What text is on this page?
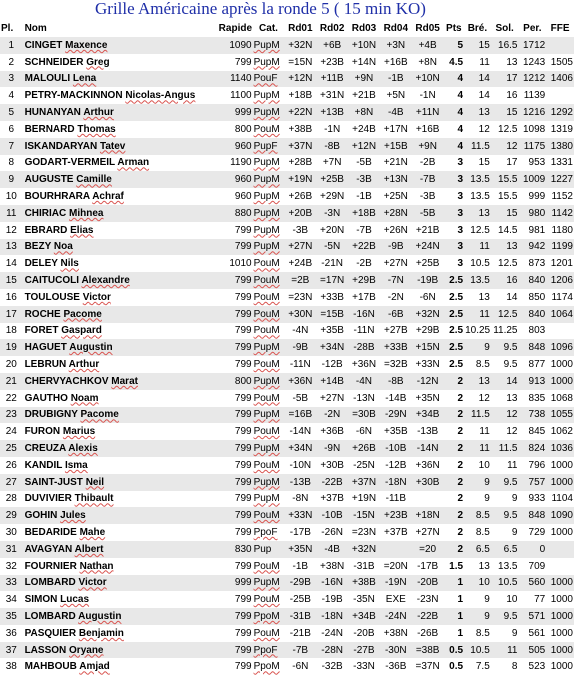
Grille Américaine après la ronde 5 ( 15 min KO)
Pl.	Nom	Rapide	Cat.	Rd01	Rd02	Rd03	Rd04	Rd05	Pts	Bré.	Sol.	Per.	FFE
1	CINGET Maxence	1090	PupM	+32N	+6B	+10N	+3N	+4B	5	15	16.5	1712	
2	SCHNEIDER Greg	799	PupM	=15N	+23B	+14N	+16B	+8N	4.5	11	13	1243	1505
3	MALOULI Lena	1140	PouF	+12N	+11B	+9N	-1B	+10N	4	14	17	1212	1406
4	PETRY-MACKINNON Nicolas-Angus	1100	PupM	+18B	+31N	+21B	+5N	-1N	4	14	16	1139	
5	HUNANYAN Arthur	999	PupM	+22N	+13B	+8N	-4B	+11N	4	13	15	1216	1292
6	BERNARD Thomas	800	PouM	+38B	-1N	+24B	+17N	+16B	4	12	12.5	1098	1319
7	ISKANDARYAN Tatev	960	PupF	+37N	-8B	+12N	+15B	+9N	4	11.5	12	1175	1380
8	GODART-VERMEIL Arman	1190	PupM	+28B	+7N	-5B	+21N	-2B	3	15	17	953	1331
9	AUGUSTE Camille	960	PupM	+19N	+25B	-3B	+13N	-7B	3	13.5	15.5	1009	1227
10	BOURHRARA Achraf	960	PupM	+26B	+29N	-1B	+25N	-3B	3	13.5	15.5	999	1152
11	CHIRIAC Mihnea	880	PupM	+20B	-3N	+18B	+28N	-5B	3	13	15	980	1142
12	EBRARD Elias	799	PupM	-3B	+20N	-7B	+26N	+21B	3	12.5	14.5	981	1180
13	BEZY Noa	799	PupM	+27N	-5N	+22B	-9B	+24N	3	11	13	942	1199
14	DELEY Nils	1010	PouM	+24B	-21N	-2B	+27N	+25B	3	10.5	12.5	873	1201
15	CAITUCOLI Alexandre	799	PouM	=2B	=17N	+29B	-7N	-19B	2.5	13.5	16	840	1206
16	TOULOUSE Victor	799	PouM	=23N	+33B	+17B	-2N	-6N	2.5	13	14	850	1174
17	ROCHE Pacome	799	PouM	+30N	=15B	-16N	-6B	+32N	2.5	11	12.5	840	1064
18	FORET Gaspard	799	PouM	-4N	+35B	-11N	+27B	+29B	2.5	10.25	11.25	803	
19	HAGUET Augustin	799	PupM	-9B	+34N	-28B	+33B	+15N	2.5	9	9.5	848	1096
20	LEBRUN Arthur	799	PouM	-11N	-12B	+36N	=32B	+33N	2.5	8.5	9.5	877	1000
21	CHERVYACHKOV Marat	800	PupM	+36N	+14B	-4N	-8B	-12N	2	13	14	913	1000
22	GAUTHO Noam	799	PouM	-5B	+27N	-13N	-14B	+35N	2	12	13	835	1068
23	DRUBIGNY Pacome	799	PupM	=16B	-2N	=30B	-29N	+34B	2	11.5	12	738	1055
24	FURON Marius	799	PouM	-14N	+36B	-6N	+35B	-13B	2	11	12	845	1062
25	CREUZA Alexis	799	PupM	+34N	-9N	+26B	-10B	-14N	2	11	11.5	824	1036
26	KANDIL Isma	799	PouM	-10N	+30B	-25N	-12B	+36N	2	10	11	796	1000
27	SAINT-JUST Neil	799	PupM	-13B	-22B	+37N	-18N	+30B	2	9	9.5	757	1000
28	DUVIVIER Thibault	799	PupM	-8N	+37B	+19N	-11B		2	9	9	933	1104
29	GOHIN Jules	799	PouM	+33N	-10B	-15N	+23B	+18N	2	8.5	9.5	848	1090
30	BEDARIDE Mahe	799	PpoF	-17B	-26N	=23N	+37B	+27N	2	8.5	9	729	1000
31	AVAGYAN Albert	830	Pup	+35N	-4B	+32N		=20	2	6.5	6.5	0	
32	FOURNIER Nathan	799	PouM	-1B	+38N	-31B	=20N	-17B	1.5	13	13.5	709	
33	LOMBARD Victor	999	PupM	-29B	-16N	+38B	-19N	-20B	1	10	10.5	560	1000
34	SIMON Lucas	799	PouM	-25B	-19B	-35N	EXE	-23N	1	9	10	77	1000
35	LOMBARD Augustin	799	PpoM	-31B	-18N	+34B	-24N	-22B	1	9	9.5	571	1000
36	PASQUIER Benjamin	799	PouM	-21B	-24N	-20B	+38N	-26B	1	8.5	9	561	1000
37	LASSON Oryane	799	PpoF	-7B	-28N	-27B	-30N	=38B	0.5	10.5	11	505	1000
38	MAHBOUB Amjad	799	PpoM	-6N	-32B	-33N	-36B	=37N	0.5	7.5	8	523	1000
